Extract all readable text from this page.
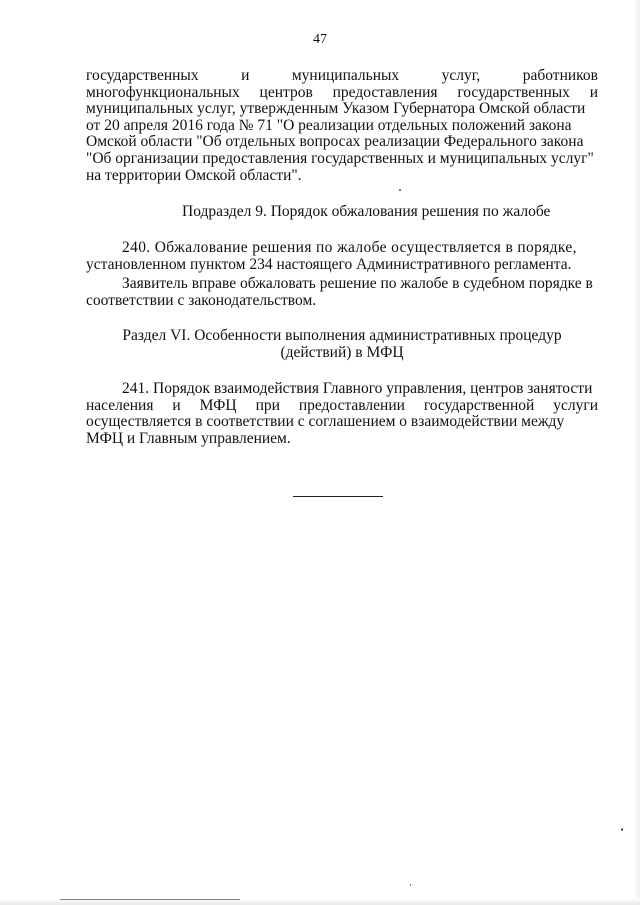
47
государственных	и	муниципальных	услуг,	работников
многофункциональных центров предоставления государственных и
муниципальных услуг, утвержденным Указом Губернатора Омской области
от 20 апреля 2016 года № 71 "О реализации отдельных положений закона
Омской области "Об отдельных вопросах реализации Федерального закона
"Об организации предоставления государственных и муниципальных услуг"
на территории Омской области".
Подраздел 9. Порядок обжалования решения по жалобе
240. Обжалование решения по жалобе осуществляется в порядке,
установленном пунктом 234 настоящего Административного регламента.
Заявитель вправе обжаловать решение по жалобе в судебном порядке в
соответствии с законодательством.
Раздел VI. Особенности выполнения административных процедур
(действий) в МФЦ
241. Порядок взаимодействия Главного управления, центров занятости
населения и МФЦ при предоставлении государственной услуги
осуществляется в соответствии с соглашением о взаимодействии между
МФЦ и Главным управлением.
